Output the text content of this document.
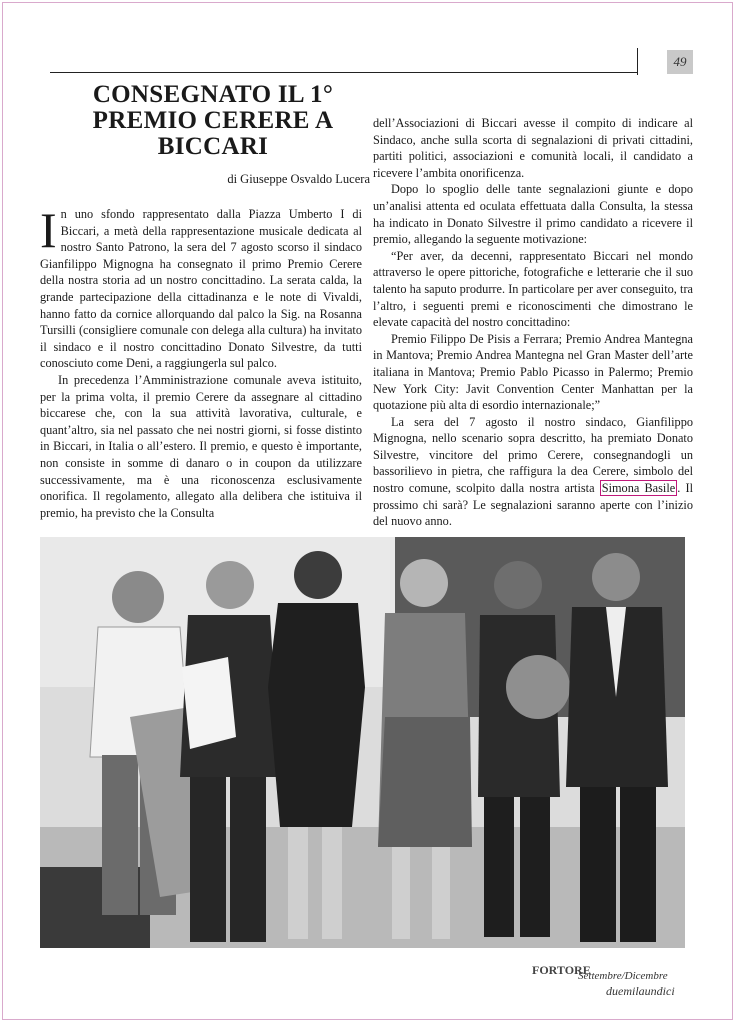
49
CONSEGNATO IL 1° PREMIO CERERE A BICCARI
di Giuseppe Osvaldo Lucera

In uno sfondo rappresentato dalla Piazza Umberto I di Biccari, a metà della rappresentazione musicale dedicata al nostro Santo Patrono, la sera del 7 agosto scorso il sindaco Gianfilippo Mignogna ha consegnato il primo Premio Cerere della nostra storia ad un nostro concittadino. La serata calda, la grande partecipazione della cittadinanza e le note di Vivaldi, hanno fatto da cornice allorquando dal palco la Sig. na Rosanna Tursilli (consigliere comunale con delega alla cultura) ha invitato il sindaco e il nostro concittadino Donato Silvestre, da tutti conosciuto come Deni, a raggiungerla sul palco.

In precedenza l’Amministrazione comunale aveva istituito, per la prima volta, il premio Cerere da assegnare al cittadino biccarese che, con la sua attività lavorativa, culturale, e quant’altro, sia nel passato che nei nostri giorni, si fosse distinto in Biccari, in Italia o all’estero. Il premio, e questo è importante, non consiste in somme di danaro o in coupon da utilizzare successivamente, ma è una riconoscenza esclusivamente onorifica. Il regolamento, allegato alla delibera che istituiva il premio, ha previsto che la Consulta

dell’Associazioni di Biccari avesse il compito di indicare al Sindaco, anche sulla scorta di segnalazioni di privati cittadini, partiti politici, associazioni e comunità locali, il candidato a ricevere l’ambita onorificenza.

Dopo lo spoglio delle tante segnalazioni giunte e dopo un’analisi attenta ed oculata effettuata dalla Consulta, la stessa ha indicato in Donato Silvestre il primo candidato a ricevere il premio, allegando la seguente motivazione:

“Per aver, da decenni, rappresentato Biccari nel mondo attraverso le opere pittoriche, fotografiche e letterarie che il suo talento ha saputo produrre. In particolare per aver conseguito, tra l’altro, i seguenti premi e riconoscimenti che dimostrano le elevate capacità del nostro concittadino:

Premio Filippo De Pisis a Ferrara; Premio Andrea Mantegna in Mantova; Premio Andrea Mantegna nel Gran Master dell’arte italiana in Mantova; Premio Pablo Picasso in Palermo; Premio New York City: Javit Convention Center Manhattan per la quotazione più alta di esordio internazionale;”

La sera del 7 agosto il nostro sindaco, Gianfilippo Mignogna, nello scenario sopra descritto, ha premiato Donato Silvestre, vincitore del primo Cerere, consegnandogli un bassorilievo in pietra, che raffigura la dea Cerere, simbolo del nostro comune, scolpito dalla nostra artista Simona Basile . Il prossimo chi sarà? Le segnalazioni saranno aperte con l’inizio del nuovo anno.

FORTORE
Settembre/Dicembre
duemilaundici
